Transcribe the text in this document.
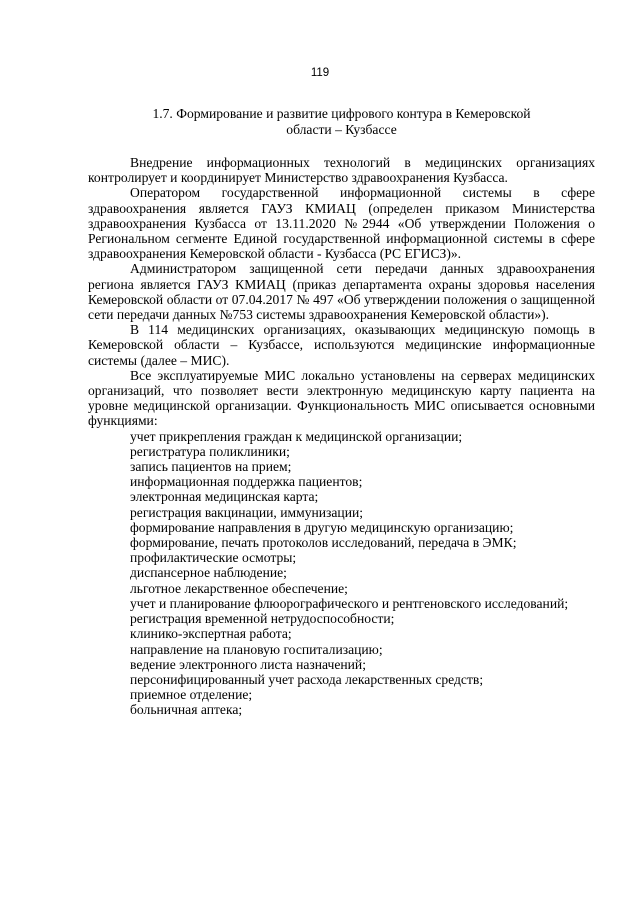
119
1.7. Формирование и развитие цифрового контура в Кемеровской
области – Кузбассе

Внедрение информационных технологий в медицинских организациях контролирует и координирует Министерство здравоохранения Кузбасса.

Оператором государственной информационной системы в сфере здравоохранения является ГАУЗ КМИАЦ (определен приказом Министерства здравоохранения Кузбасса от 13.11.2020 №2944 «Об утверждении Положения о Региональном сегменте Единой государственной информационной системы в сфере здравоохранения Кемеровской области - Кузбасса (РС ЕГИСЗ)».

Администратором защищенной сети передачи данных здравоохранения региона является ГАУЗ КМИАЦ (приказ департамента охраны здоровья населения Кемеровской области от 07.04.2017 № 497 «Об утверждении положения о защищенной сети передачи данных №753 системы здравоохранения Кемеровской области»).

В 114 медицинских организациях, оказывающих медицинскую помощь в Кемеровской области – Кузбассе, используются медицинские информационные системы (далее – МИС).

Все эксплуатируемые МИС локально установлены на серверах медицинских организаций, что позволяет вести электронную медицинскую карту пациента на уровне медицинской организации. Функциональность МИС описывается основными функциями:

учет прикрепления граждан к медицинской организации;
регистратура поликлиники;
запись пациентов на прием;
информационная поддержка пациентов;
электронная медицинская карта;
регистрация вакцинации, иммунизации;
формирование направления в другую медицинскую организацию;
формирование, печать протоколов исследований, передача в ЭМК;
профилактические осмотры;
диспансерное наблюдение;
льготное лекарственное обеспечение;
учет и планирование флюорографического и рентгеновского исследований;
регистрация временной нетрудоспособности;
клинико-экспертная работа;
направление на плановую госпитализацию;
ведение электронного листа назначений;
персонифицированный учет расхода лекарственных средств;
приемное отделение;
больничная аптека;
